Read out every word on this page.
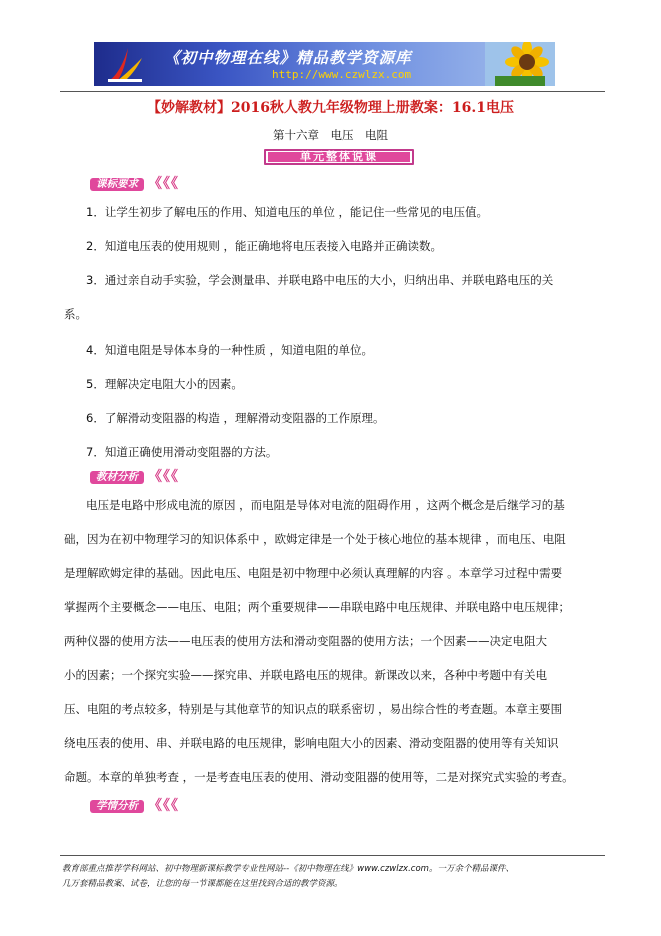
《初中物理在线》精品教学资源库
http://www.czwlzx.com
【妙解教材】2016秋人教九年级物理上册教案：16.1电压
第十六章　电压　电阻
单元整体说课
课标要求 《《《
1．让学生初步了解电压的作用、知道电压的单位 ，能记住一些常见的电压值。
2．知道电压表的使用规则 ，能正确地将电压表接入电路并正确读数。
3．通过亲自动手实验，学会测量串、并联电路中电压的大小，归纳出串、并联电路电压的关
系。
4．知道电阻是导体本身的一种性质 ，知道电阻的单位。
5．理解决定电阻大小的因素。
6．了解滑动变阻器的构造 ，理解滑动变阻器的工作原理。
7．知道正确使用滑动变阻器的方法。
教材分析 《《《
电压是电路中形成电流的原因 ，而电阻是导体对电流的阻碍作用 ，这两个概念是后继学习的基
础，因为在初中物理学习的知识体系中 ，欧姆定律是一个处于核心地位的基本规律 ，而电压、电阻
是理解欧姆定律的基础。因此电压、电阻是初中物理中必须认真理解的内容 。本章学习过程中需要
掌握两个主要概念——电压、电阻；两个重要规律——串联电路中电压规律、并联电路中电压规律；
两种仪器的使用方法——电压表的使用方法和滑动变阻器的使用方法；一个因素——决定电阻大
小的因素；一个探究实验——探究串、并联电路电压的规律。新课改以来，各种中考题中有关电
压、电阻的考点较多，特别是与其他章节的知识点的联系密切 ，易出综合性的考查题。本章主要围
绕电压表的使用、串、并联电路的电压规律，影响电阻大小的因素、滑动变阻器的使用等有关知识
命题。本章的单独考查 ，一是考查电压表的使用、滑动变阻器的使用等，二是对探究式实验的考查。
学情分析 《《《
教育部重点推荐学科网站、初中物理新课标教学专业性网站--《初中物理在线》www.czwlzx.com。一万余个精品课件、
几万套精品教案、试卷，让您的每一节课都能在这里找到合适的教学资源。
